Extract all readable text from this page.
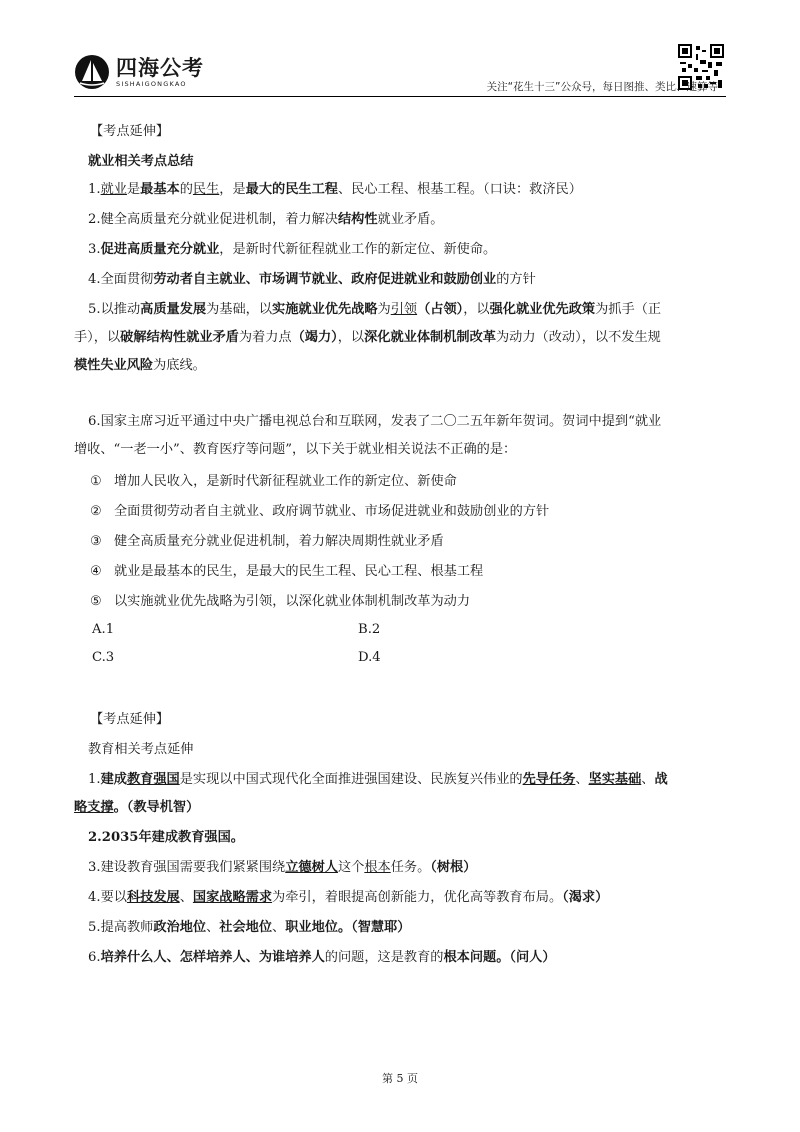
四海公考
SISHAIGONGKAO	关注“花生十三”公众号，每日图推、类比、速算等
【考点延伸】
就业相关考点总结
1.就业是最基本的民生，是最大的民生工程、民心工程、根基工程。（口诀：救济民）
2.健全高质量充分就业促进机制，着力解决结构性就业矛盾。
3.促进高质量充分就业，是新时代新征程就业工作的新定位、新使命。
4.全面贯彻劳动者自主就业、市场调节就业、政府促进就业和鼓励创业的方针
5.以推动高质量发展为基础，以实施就业优先战略为引领（占领），以强化就业优先政策为抓手（正
手），以破解结构性就业矛盾为着力点（竭力），以深化就业体制机制改革为动力（改动），以不发生规
模性失业风险为底线。
6.国家主席习近平通过中央广播电视总台和互联网，发表了二〇二五年新年贺词。贺词中提到“就业
增收、“一老一小”、教育医疗等问题”，以下关于就业相关说法不正确的是：
① 增加人民收入，是新时代新征程就业工作的新定位、新使命
② 全面贯彻劳动者自主就业、政府调节就业、市场促进就业和鼓励创业的方针
③ 健全高质量充分就业促进机制，着力解决周期性就业矛盾
④ 就业是最基本的民生，是最大的民生工程、民心工程、根基工程
⑤ 以实施就业优先战略为引领，以深化就业体制机制改革为动力
A.1	B.2
C.3	D.4
【考点延伸】
教育相关考点延伸
1.建成教育强国是实现以中国式现代化全面推进强国建设、民族复兴伟业的先导任务、坚实基础、战
略支撑。（教导机智）
2.2035年建成教育强国。
3.建设教育强国需要我们紧紧围绕立德树人这个根本任务。（树根）
4.要以科技发展、国家战略需求为牵引，着眼提高创新能力，优化高等教育布局。（渴求）
5.提高教师政治地位、社会地位、职业地位。（智慧耶）
6.培养什么人、怎样培养人、为谁培养人的问题，这是教育的根本问题。（问人）
第 5 页
